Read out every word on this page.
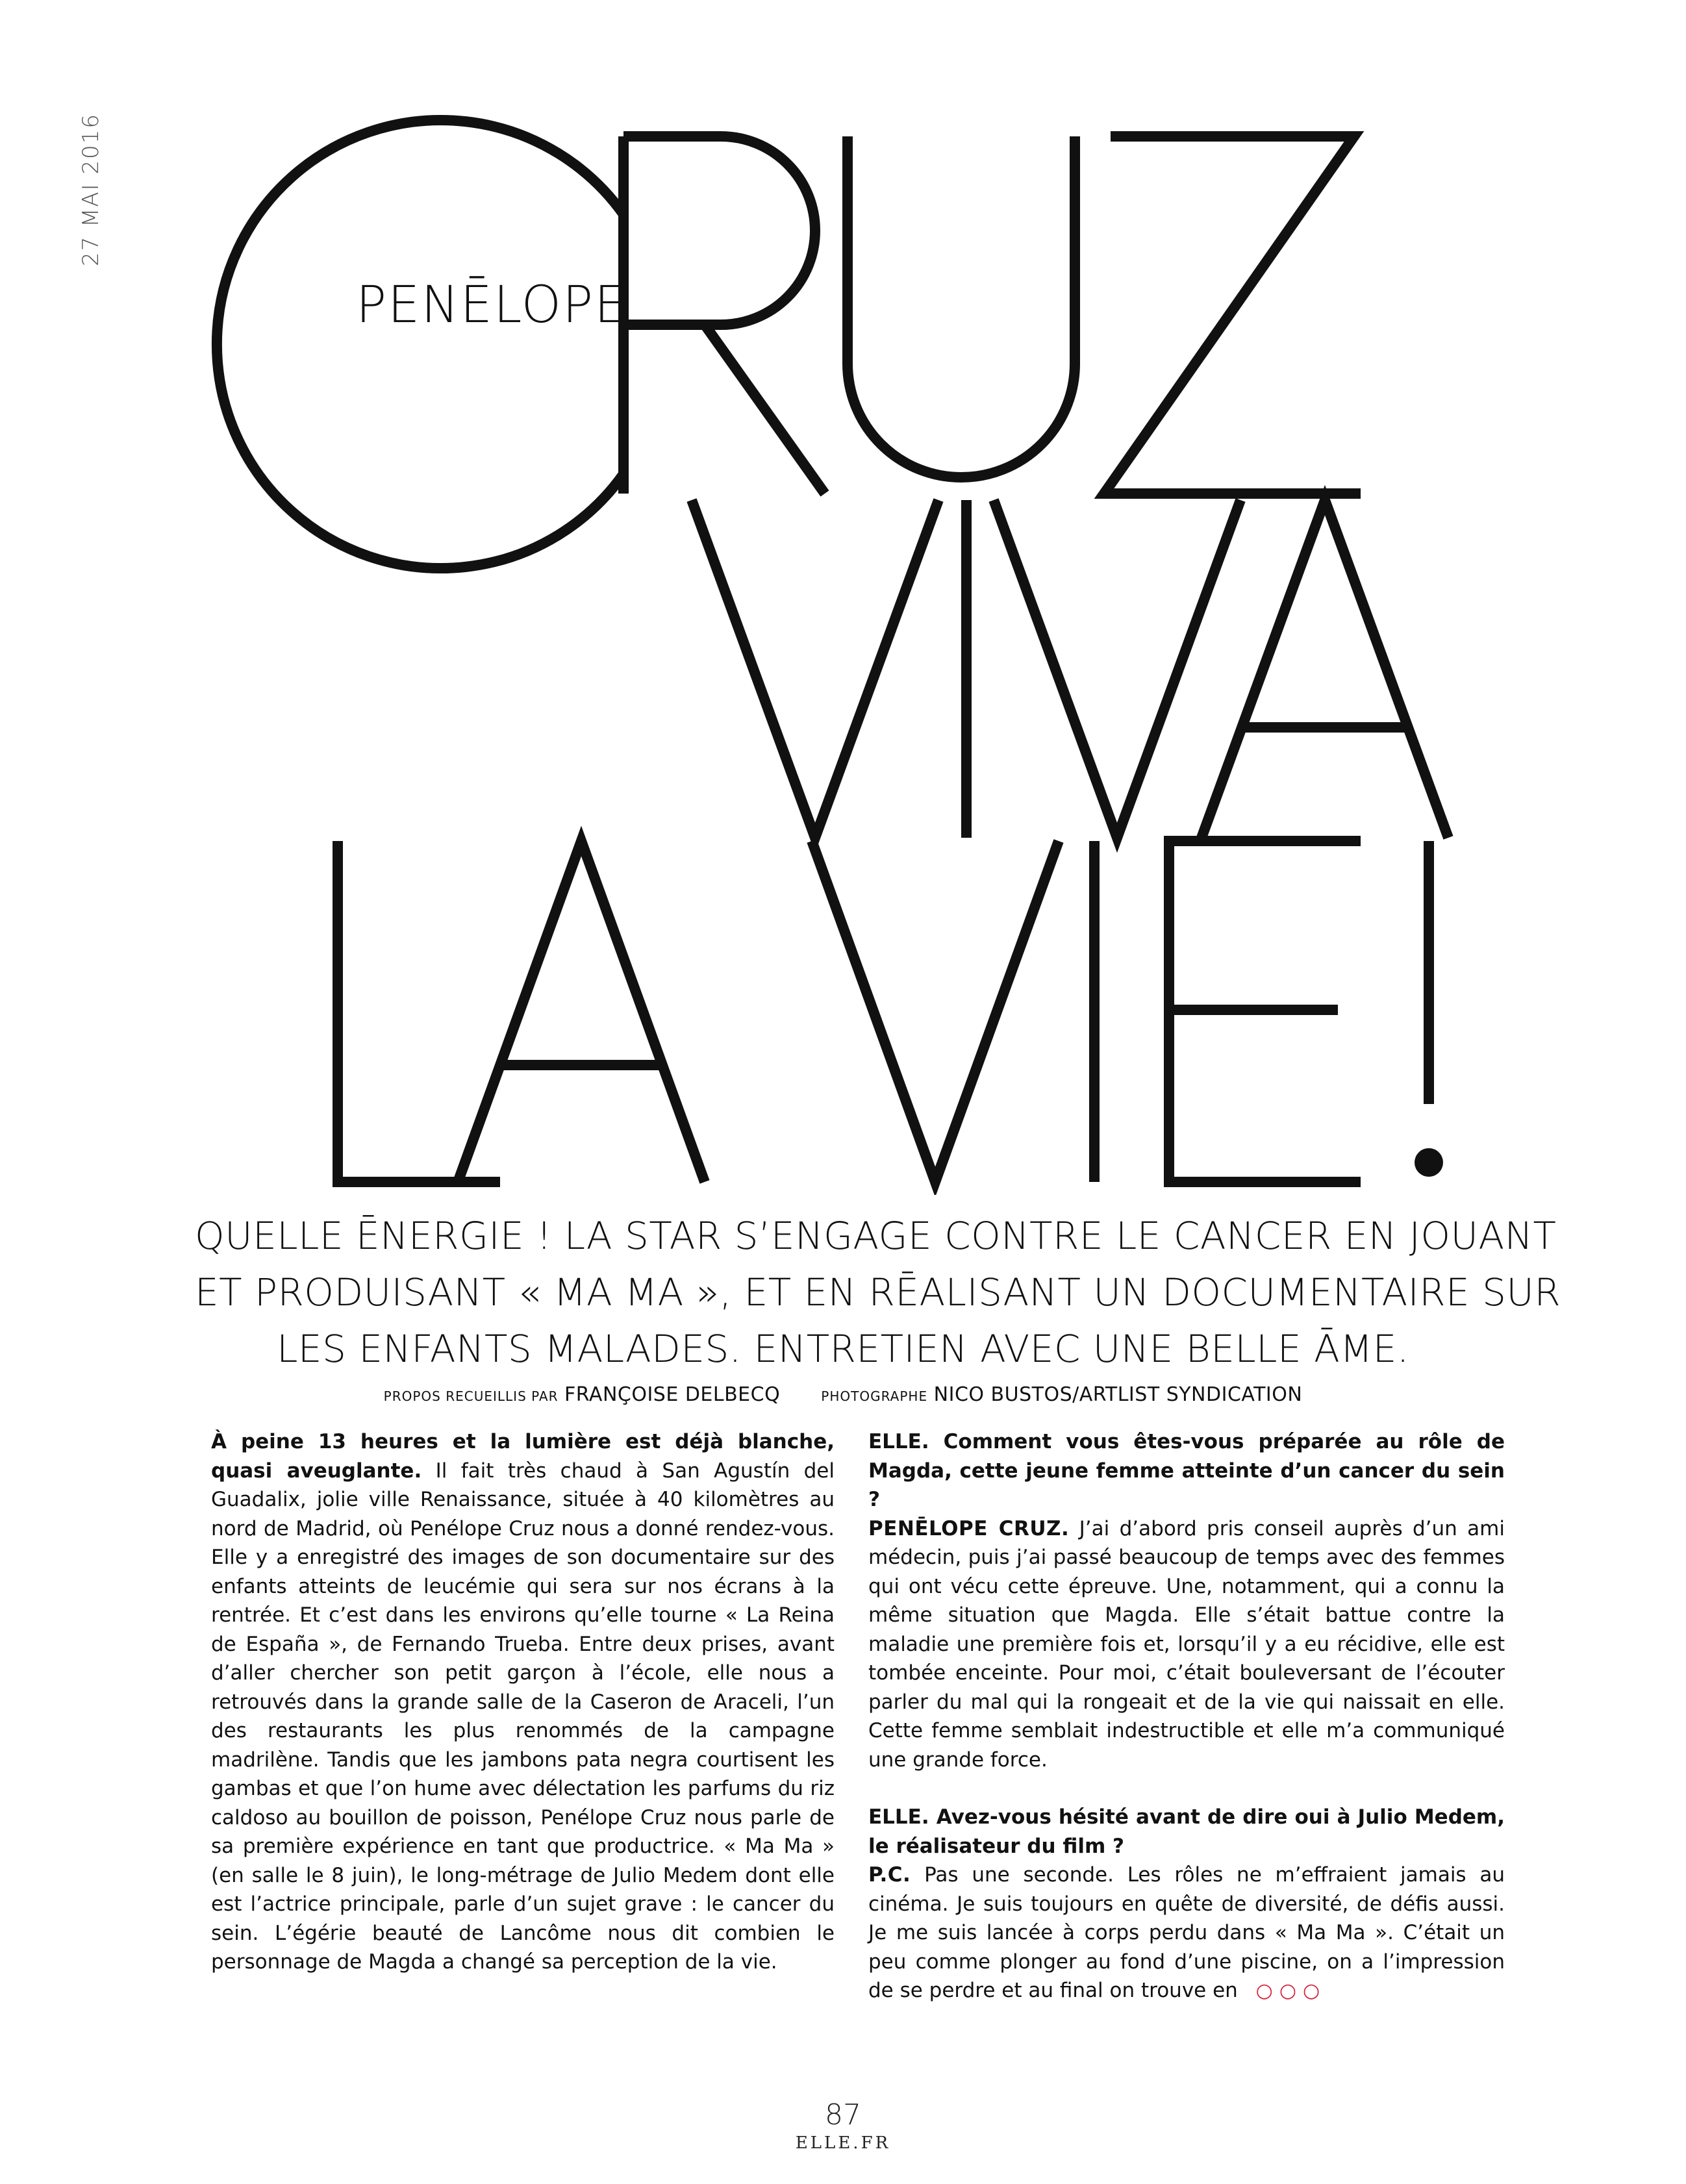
27 MAI 2016
PENĒLOPE
QUELLE ĒNERGIE ! LA STAR S’ENGAGE CONTRE LE CANCER EN JOUANT
ET PRODUISANT « MA MA », ET EN RĒALISANT UN DOCUMENTAIRE SUR
LES ENFANTS MALADES. ENTRETIEN AVEC UNE BELLE ĀME.
PROPOS RECUEILLIS PAR FRANÇOISE DELBECQ	PHOTOGRAPHE NICO BUSTOS/ARTLIST SYNDICATION

À peine 13 heures et la lumière est déjà blanche, quasi aveuglante. Il fait très chaud à San Agustín del Guadalix, jolie ville Renaissance, située à 40 kilomètres au nord de Madrid, où Penélope Cruz nous a donné rendez-vous. Elle y a enregistré des images de son documentaire sur des enfants atteints de leucémie qui sera sur nos écrans à la rentrée. Et c’est dans les environs qu’elle tourne « La Reina de España », de Fernando Trueba. Entre deux prises, avant d’aller chercher son petit garçon à l’école, elle nous a retrouvés dans la grande salle de la Caseron de Araceli, l’un des restaurants les plus renommés de la campagne madrilène. Tandis que les jambons pata negra courtisent les gambas et que l’on hume avec délectation les parfums du riz caldoso au bouillon de poisson, Penélope Cruz nous parle de sa première expérience en tant que productrice. « Ma Ma » (en salle le 8 juin), le long-métrage de Julio Medem dont elle est l’actrice principale, parle d’un sujet grave : le cancer du sein. L’égérie beauté de Lancôme nous dit combien le personnage de Magda a changé sa perception de la vie.

ELLE. Comment vous êtes-vous préparée au rôle de Magda, cette jeune femme atteinte d’un cancer du sein ?

PENĒLOPE CRUZ. J’ai d’abord pris conseil auprès d’un ami médecin, puis j’ai passé beaucoup de temps avec des femmes qui ont vécu cette épreuve. Une, notamment, qui a connu la même situation que Magda. Elle s’était battue contre la maladie une première fois et, lorsqu’il y a eu récidive, elle est tombée enceinte. Pour moi, c’était bouleversant de l’écouter parler du mal qui la rongeait et de la vie qui naissait en elle. Cette femme semblait indestructible et elle m’a communiqué une grande force.

ELLE. Avez-vous hésité avant de dire oui à Julio Medem, le réalisateur du film ?

P.C. Pas une seconde. Les rôles ne m’effraient jamais au cinéma. Je suis toujours en quête de diversité, de défis aussi. Je me suis lancée à corps perdu dans « Ma Ma ». C’était un peu comme plonger au fond d’une piscine, on a l’impression de se perdre et au final on trouve en ○○○

87
ELLE.FR
